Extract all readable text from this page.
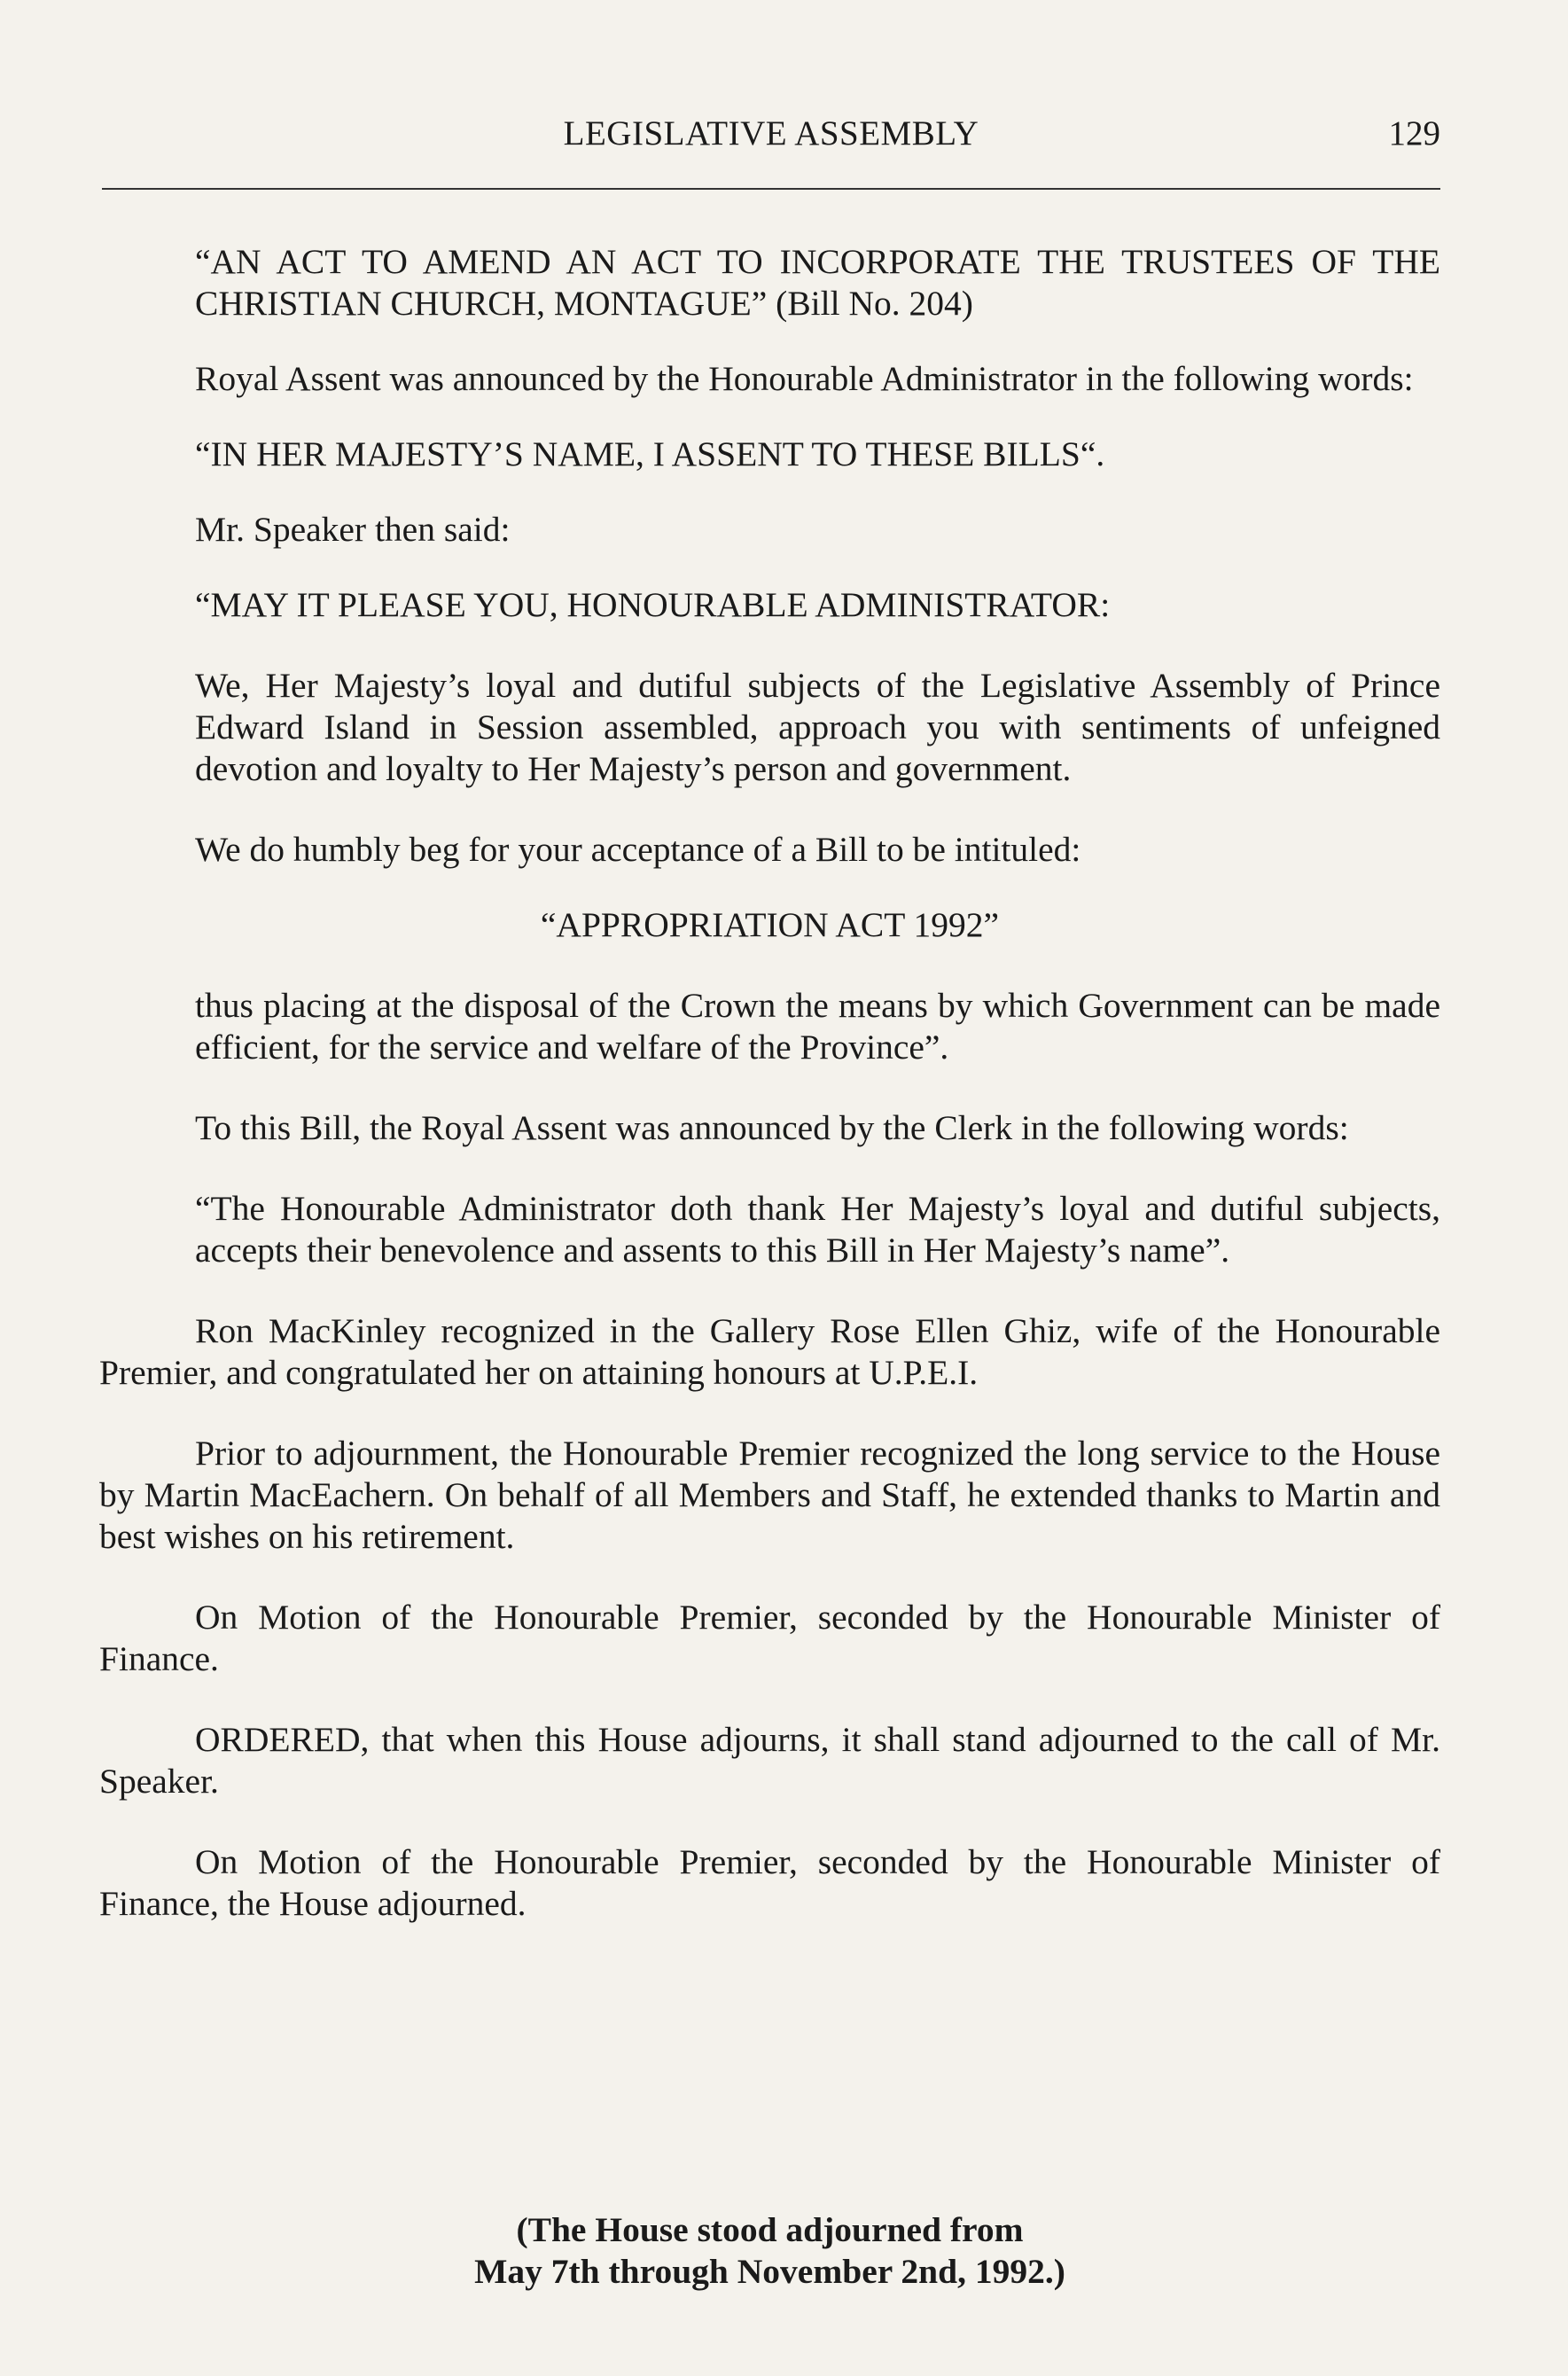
LEGISLATIVE ASSEMBLY	129

“AN ACT TO AMEND AN ACT TO INCORPORATE THE TRUSTEES OF THE CHRISTIAN CHURCH, MONTAGUE” (Bill No. 204)

Royal Assent was announced by the Honourable Administrator in the following words:

“IN HER MAJESTY’S NAME, I ASSENT TO THESE BILLS“.

Mr. Speaker then said:

“MAY IT PLEASE YOU, HONOURABLE ADMINISTRATOR:

We, Her Majesty’s loyal and dutiful subjects of the Legislative Assembly of Prince Edward Island in Session assembled, approach you with sentiments of unfeigned devotion and loyalty to Her Majesty’s person and government.

We do humbly beg for your acceptance of a Bill to be intituled:

“APPROPRIATION ACT 1992”

thus placing at the disposal of the Crown the means by which Government can be made efficient, for the service and welfare of the Province”.

To this Bill, the Royal Assent was announced by the Clerk in the following words:

“The Honourable Administrator doth thank Her Majesty’s loyal and dutiful subjects, accepts their benevolence and assents to this Bill in Her Majesty’s name”.

Ron MacKinley recognized in the Gallery Rose Ellen Ghiz, wife of the Honourable Premier, and congratulated her on attaining honours at U.P.E.I.

Prior to adjournment, the Honourable Premier recognized the long service to the House by Martin MacEachern. On behalf of all Members and Staff, he extended thanks to Martin and best wishes on his retirement.

On Motion of the Honourable Premier, seconded by the Honourable Minister of Finance.

ORDERED, that when this House adjourns, it shall stand adjourned to the call of Mr. Speaker.

On Motion of the Honourable Premier, seconded by the Honourable Minister of Finance, the House adjourned.

(The House stood adjourned from
May 7th through November 2nd, 1992.)
